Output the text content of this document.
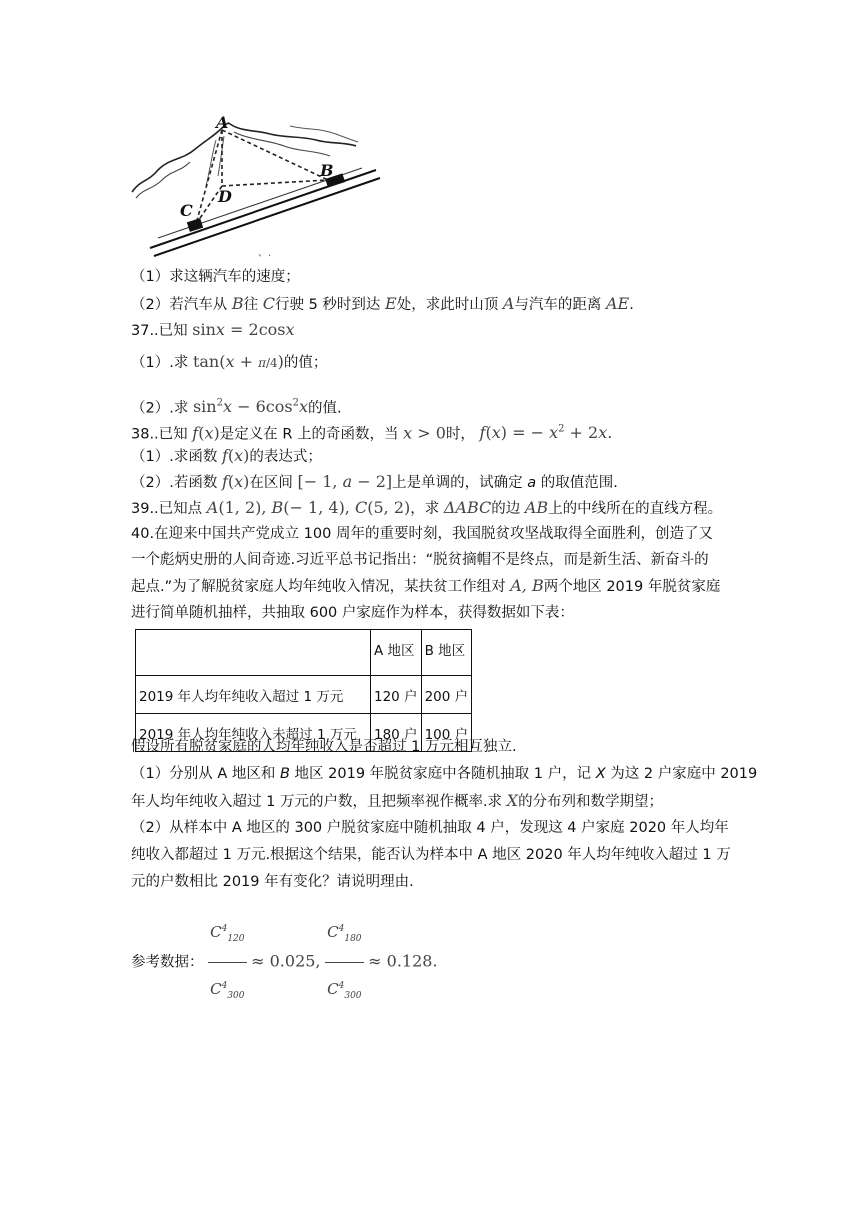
A
D
B
C
、.
（1）求这辆汽车的速度；
（2）若汽车从 B往 C行驶 5 秒时到达 E处，求此时山顶 A与汽车的距离 AE.
37..已知 sinx = 2cosx
（1）.求 tan(x + π/4)的值；
（2）.求 $\sin^2x - 6\cos^2x$的值.
38..已知 f(x)是定义在 R 上的奇函数，当 x > 0时， f(x) = − $x^2 + 2x$.
（1）.求函数 f(x)的表达式；
（2）.若函数 f(x)在区间 [− 1, a − 2]上是单调的，试确定 a 的取值范围.
39..已知点 A(1, 2), B(− 1, 4), C(5, 2)，求 ΔABC的边 AB上的中线所在的直线方程。
40.在迎来中国共产党成立 100 周年的重要时刻，我国脱贫攻坚战取得全面胜利，创造了又
一个彪炳史册的人间奇迹.习近平总书记指出：“脱贫摘帽不是终点，而是新生活、新奋斗的
起点.”为了解脱贫家庭人均年纯收入情况，某扶贫工作组对 A, B两个地区 2019 年脱贫家庭
进行简单随机抽样，共抽取 600 户家庭作为样本，获得数据如下表：
	A 地区	B 地区
2019 年人均年纯收入超过 1 万元	120 户	200 户
2019 年人均年纯收入未超过 1 万元	180 户	100 户
假设所有脱贫家庭的人均年纯收入是否超过 1 万元相互独立.
（1）分别从 A 地区和 B 地区 2019 年脱贫家庭中各随机抽取 1 户，记 X 为这 2 户家庭中 2019
年人均年纯收入超过 1 万元的户数，且把频率视作概率.求 X的分布列和数学期望；
（2）从样本中 A 地区的 300 户脱贫家庭中随机抽取 4 户，发现这 4 户家庭 2020 年人均年
纯收入都超过 1 万元.根据这个结果，能否认为样本中 A 地区 2020 年人均年纯收入超过 1 万
元的户数相比 2019 年有变化？请说明理由.
参考数据： $\frac{C^4_{120}}{C^4_{300}} \approx 0.025$, $\frac{C^4_{180}}{C^4_{300}} \approx 0.128$.
